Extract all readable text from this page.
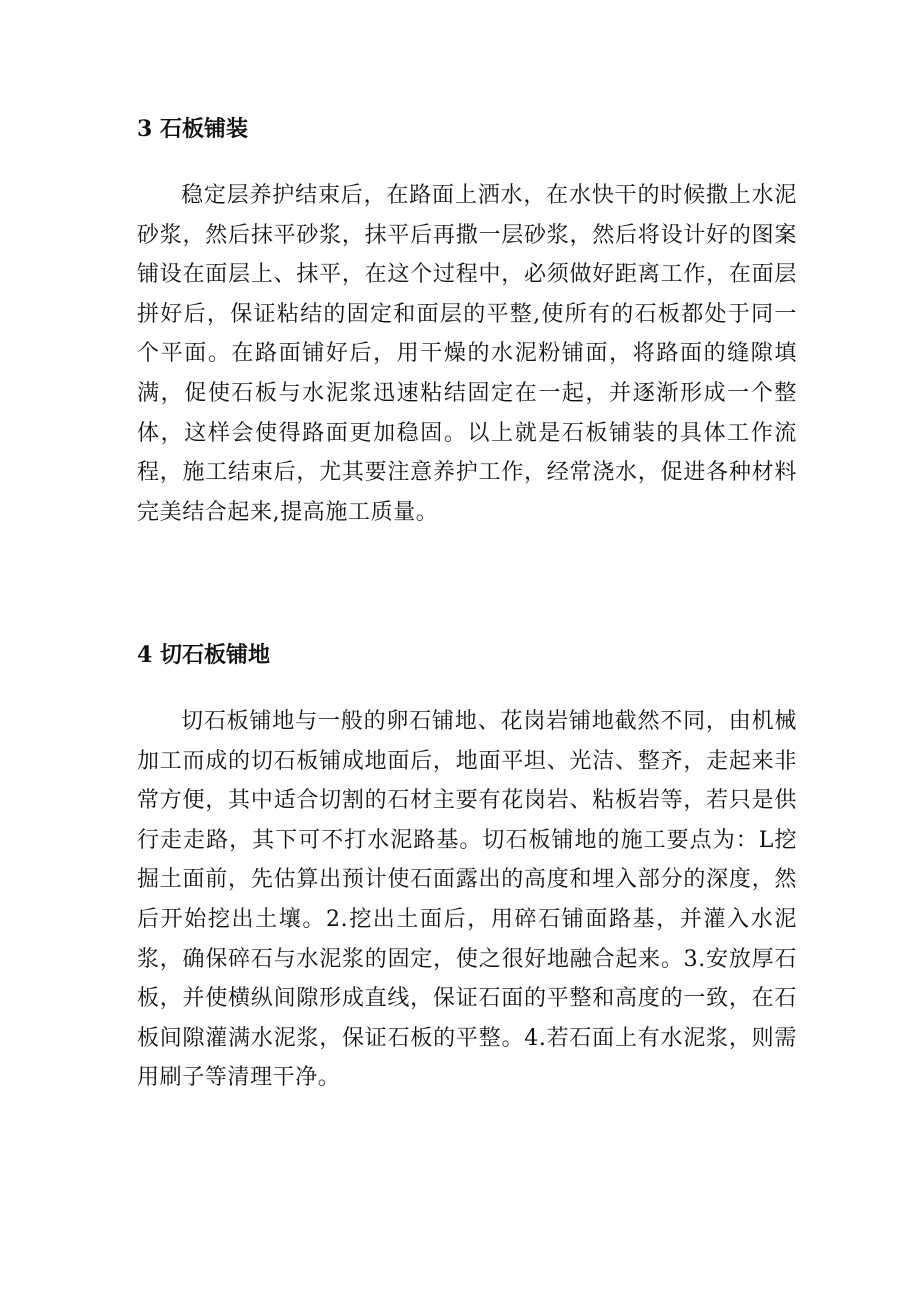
3 石板铺装

稳定层养护结束后，在路面上洒水，在水快干的时候撒上水泥砂浆，然后抹平砂浆，抹平后再撒一层砂浆，然后将设计好的图案铺设在面层上、抹平，在这个过程中，必须做好距离工作，在面层拼好后，保证粘结的固定和面层的平整,使所有的石板都处于同一个平面。在路面铺好后，用干燥的水泥粉铺面，将路面的缝隙填满，促使石板与水泥浆迅速粘结固定在一起，并逐渐形成一个整体，这样会使得路面更加稳固。以上就是石板铺装的具体工作流程，施工结束后，尤其要注意养护工作，经常浇水，促进各种材料完美结合起来,提高施工质量。

4 切石板铺地

切石板铺地与一般的卵石铺地、花岗岩铺地截然不同，由机械加工而成的切石板铺成地面后，地面平坦、光洁、整齐，走起来非常方便，其中适合切割的石材主要有花岗岩、粘板岩等，若只是供行走走路，其下可不打水泥路基。切石板铺地的施工要点为：L挖掘土面前，先估算出预计使石面露出的高度和埋入部分的深度，然后开始挖出土壤。2.挖出土面后，用碎石铺面路基，并灌入水泥浆，确保碎石与水泥浆的固定，使之很好地融合起来。3.安放厚石板，并使横纵间隙形成直线，保证石面的平整和高度的一致，在石板间隙灌满水泥浆，保证石板的平整。4.若石面上有水泥浆，则需用刷子等清理干净。
